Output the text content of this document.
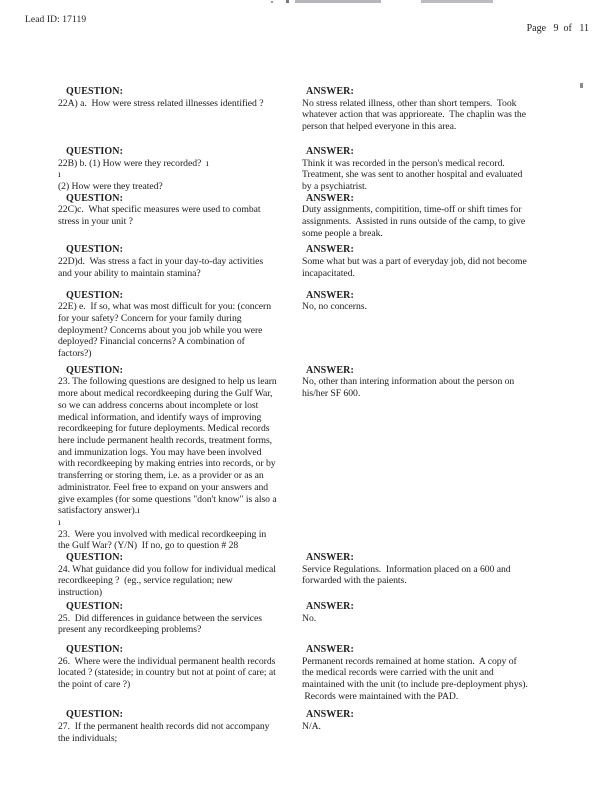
Lead ID: 17119
Page   9  of   11
QUESTION:
22A) a.  How were stress related illnesses identified ?
ANSWER:
No stress related illness, other than short tempers.  Took
whatever action that was apprioreate.  The chaplin was the
person that helped everyone in this area.
QUESTION:
22B) b. (1) How were they recorded?  ı
ı
(2) How were they treated?
ANSWER:
Think it was recorded in the person's medical record.
Treatment, she was sent to another hospital and evaluated
by a psychiatrist.
QUESTION:
22C)c.  What specific measures were used to combat
stress in your unit ?
ANSWER:
Duty assignments, compitition, time-off or shift times for
assignments.  Assisted in runs outside of the camp, to give
some people a break.
QUESTION:
22D)d.  Was stress a fact in your day-to-day activities
and your ability to maintain stamina?
ANSWER:
Some what but was a part of everyday job, did not become
incapacitated.
QUESTION:
22E) e.  If so, what was most difficult for you: (concern
for your safety? Concern for your family during
deployment? Concerns about you job while you were
deployed? Financial concerns? A combination of
factors?)
ANSWER:
No, no concerns.
QUESTION:
23. The following questions are designed to help us learn
more about medical recordkeeping during the Gulf War,
so we can address concerns about incomplete or lost
medical information, and identify ways of improving
recordkeeping for future deployments. Medical records
here include permanent health records, treatment forms,
and immunization logs. You may have been involved
with recordkeeping by making entries into records, or by
transferring or storing them, i.e. as a provider or as an
administrator. Feel free to expand on your answers and
give examples (for some questions "don't know" is also a
satisfactory answer).ı
ı
23.  Were you involved with medical recordkeeping in
the Gulf War? (Y/N)  If no, go to question # 28
ANSWER:
No, other than intering information about the person on
his/her SF 600.
QUESTION:
24. What guidance did you follow for individual medical
recordkeeping ?  (eg., service regulation; new
instruction)
ANSWER:
Service Regulations.  Information placed on a 600 and
forwarded with the paients.
QUESTION:
25.  Did differences in guidance between the services
present any recordkeeping problems?
ANSWER:
No.
QUESTION:
26.  Where were the individual permanent health records
located ? (stateside; in country but not at point of care; at
the point of care ?)
ANSWER:
Permanent records remained at home station.  A copy of
the medical records were carried with the unit and
maintained with the unit (to include pre-deployment phys).
Records were maintained with the PAD.
QUESTION:
27.  If the permanent health records did not accompany
the individuals;
ANSWER:
N/A.
